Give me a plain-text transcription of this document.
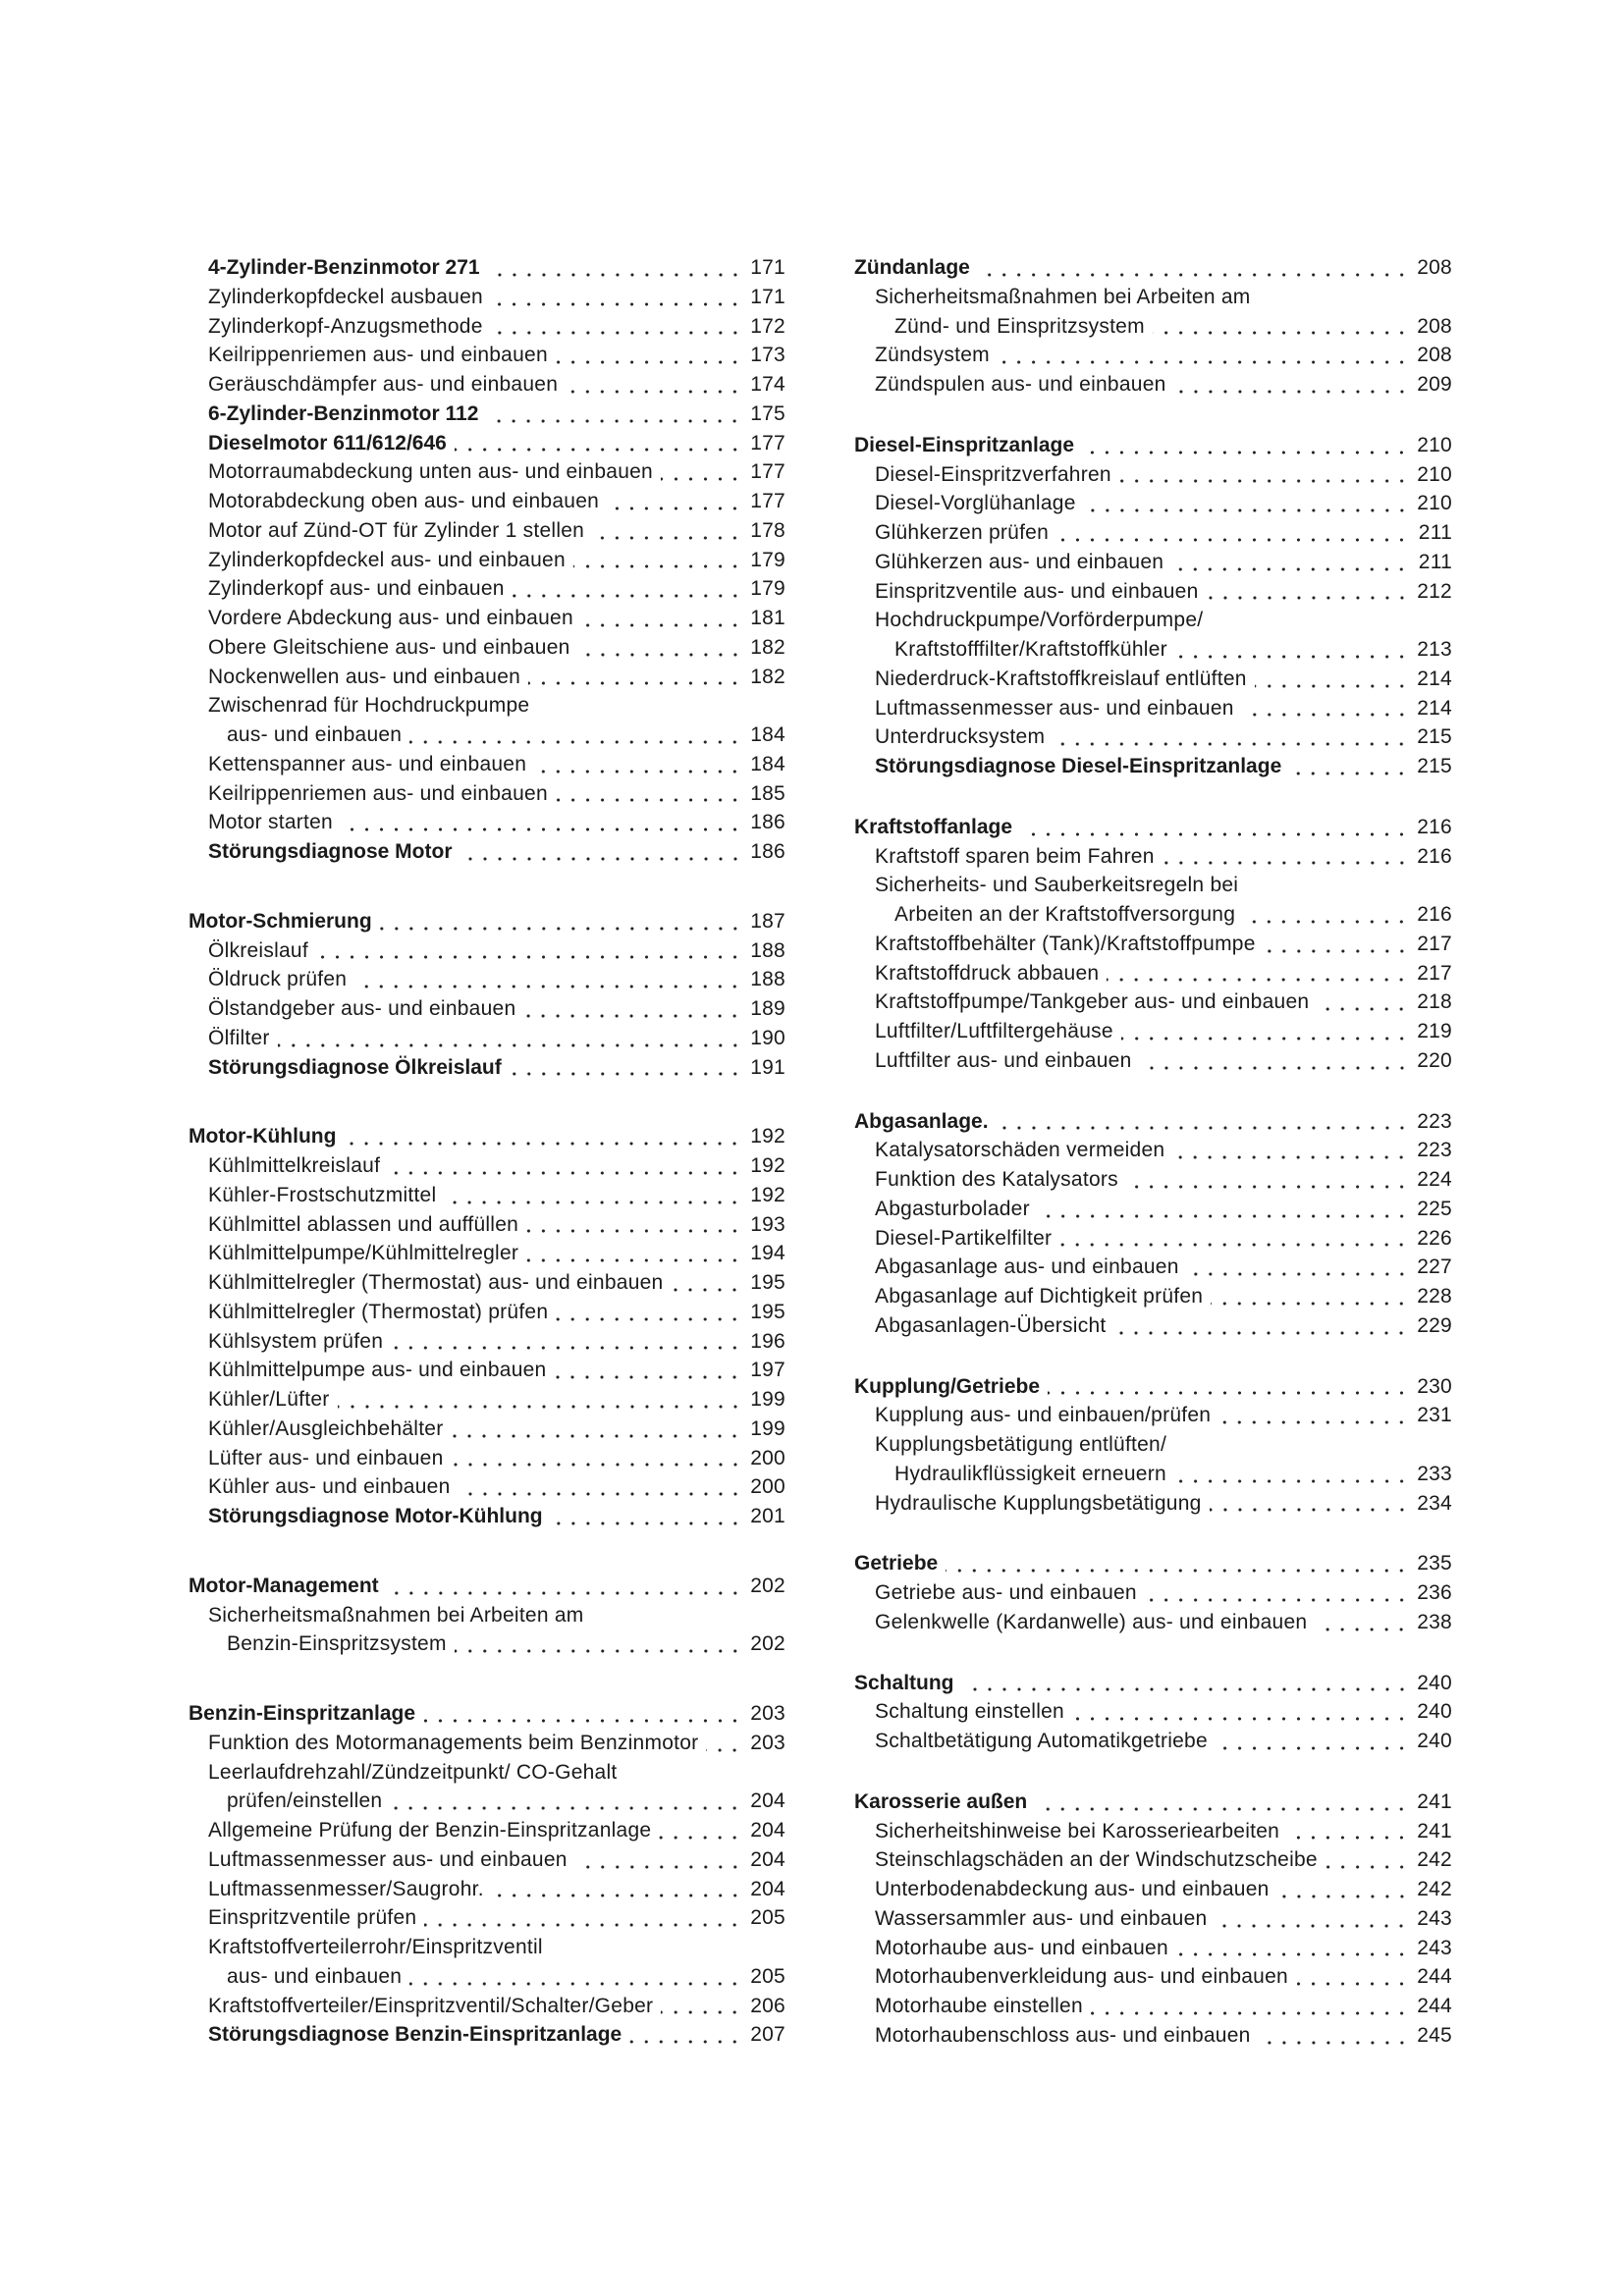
4-Zylinder-Benzinmotor 271	171
Zylinderkopfdeckel ausbauen	171
Zylinderkopf-Anzugsmethode	172
Keilrippenriemen aus- und einbauen	173
Geräuschdämpfer aus- und einbauen	174
6-Zylinder-Benzinmotor 112	175
Dieselmotor 611/612/646	177
Motorraumabdeckung unten aus- und einbauen	177
Motorabdeckung oben aus- und einbauen	177
Motor auf Zünd-OT für Zylinder 1 stellen	178
Zylinderkopfdeckel aus- und einbauen	179
Zylinderkopf aus- und einbauen	179
Vordere Abdeckung aus- und einbauen	181
Obere Gleitschiene aus- und einbauen	182
Nockenwellen aus- und einbauen	182
Zwischenrad für Hochdruckpumpe
aus- und einbauen	184
Kettenspanner aus- und einbauen	184
Keilrippenriemen aus- und einbauen	185
Motor starten	186
Störungsdiagnose Motor	186
Motor-Schmierung	187
Ölkreislauf	188
Öldruck prüfen	188
Ölstandgeber aus- und einbauen	189
Ölfilter	190
Störungsdiagnose Ölkreislauf	191
Motor-Kühlung	192
Kühlmittelkreislauf	192
Kühler-Frostschutzmittel	192
Kühlmittel ablassen und auffüllen	193
Kühlmittelpumpe/Kühlmittelregler	194
Kühlmittelregler (Thermostat) aus- und einbauen	195
Kühlmittelregler (Thermostat) prüfen	195
Kühlsystem prüfen	196
Kühlmittelpumpe aus- und einbauen	197
Kühler/Lüfter	199
Kühler/Ausgleichbehälter	199
Lüfter aus- und einbauen	200
Kühler aus- und einbauen	200
Störungsdiagnose Motor-Kühlung	201
Motor-Management	202
Sicherheitsmaßnahmen bei Arbeiten am
Benzin-Einspritzsystem	202
Benzin-Einspritzanlage	203
Funktion des Motormanagements beim Benzinmotor	203
Leerlaufdrehzahl/Zündzeitpunkt/ CO-Gehalt
prüfen/einstellen	204
Allgemeine Prüfung der Benzin-Einspritzanlage	204
Luftmassenmesser aus- und einbauen	204
Luftmassenmesser/Saugrohr.	204
Einspritzventile prüfen	205
Kraftstoffverteilerrohr/Einspritzventil
aus- und einbauen	205
Kraftstoffverteiler/Einspritzventil/Schalter/Geber	206
Störungsdiagnose Benzin-Einspritzanlage	207
Zündanlage	208
Sicherheitsmaßnahmen bei Arbeiten am
Zünd- und Einspritzsystem	208
Zündsystem	208
Zündspulen aus- und einbauen	209
Diesel-Einspritzanlage	210
Diesel-Einspritzverfahren	210
Diesel-Vorglühanlage	210
Glühkerzen prüfen	211
Glühkerzen aus- und einbauen	211
Einspritzventile aus- und einbauen	212
Hochdruckpumpe/Vorförderpumpe/
Kraftstofffilter/Kraftstoffkühler	213
Niederdruck-Kraftstoffkreislauf entlüften	214
Luftmassenmesser aus- und einbauen	214
Unterdrucksystem	215
Störungsdiagnose Diesel-Einspritzanlage	215
Kraftstoffanlage	216
Kraftstoff sparen beim Fahren	216
Sicherheits- und Sauberkeitsregeln bei
Arbeiten an der Kraftstoffversorgung	216
Kraftstoffbehälter (Tank)/Kraftstoffpumpe	217
Kraftstoffdruck abbauen	217
Kraftstoffpumpe/Tankgeber aus- und einbauen	218
Luftfilter/Luftfiltergehäuse	219
Luftfilter aus- und einbauen	220
Abgasanlage.	223
Katalysatorschäden vermeiden	223
Funktion des Katalysators	224
Abgasturbolader	225
Diesel-Partikelfilter	226
Abgasanlage aus- und einbauen	227
Abgasanlage auf Dichtigkeit prüfen	228
Abgasanlagen-Übersicht	229
Kupplung/Getriebe	230
Kupplung aus- und einbauen/prüfen	231
Kupplungsbetätigung entlüften/
Hydraulikflüssigkeit erneuern	233
Hydraulische Kupplungsbetätigung	234
Getriebe	235
Getriebe aus- und einbauen	236
Gelenkwelle (Kardanwelle) aus- und einbauen	238
Schaltung	240
Schaltung einstellen	240
Schaltbetätigung Automatikgetriebe	240
Karosserie außen	241
Sicherheitshinweise bei Karosseriearbeiten	241
Steinschlagschäden an der Windschutzscheibe	242
Unterbodenabdeckung aus- und einbauen	242
Wassersammler aus- und einbauen	243
Motorhaube aus- und einbauen	243
Motorhaubenverkleidung aus- und einbauen	244
Motorhaube einstellen	244
Motorhaubenschloss aus- und einbauen	245
